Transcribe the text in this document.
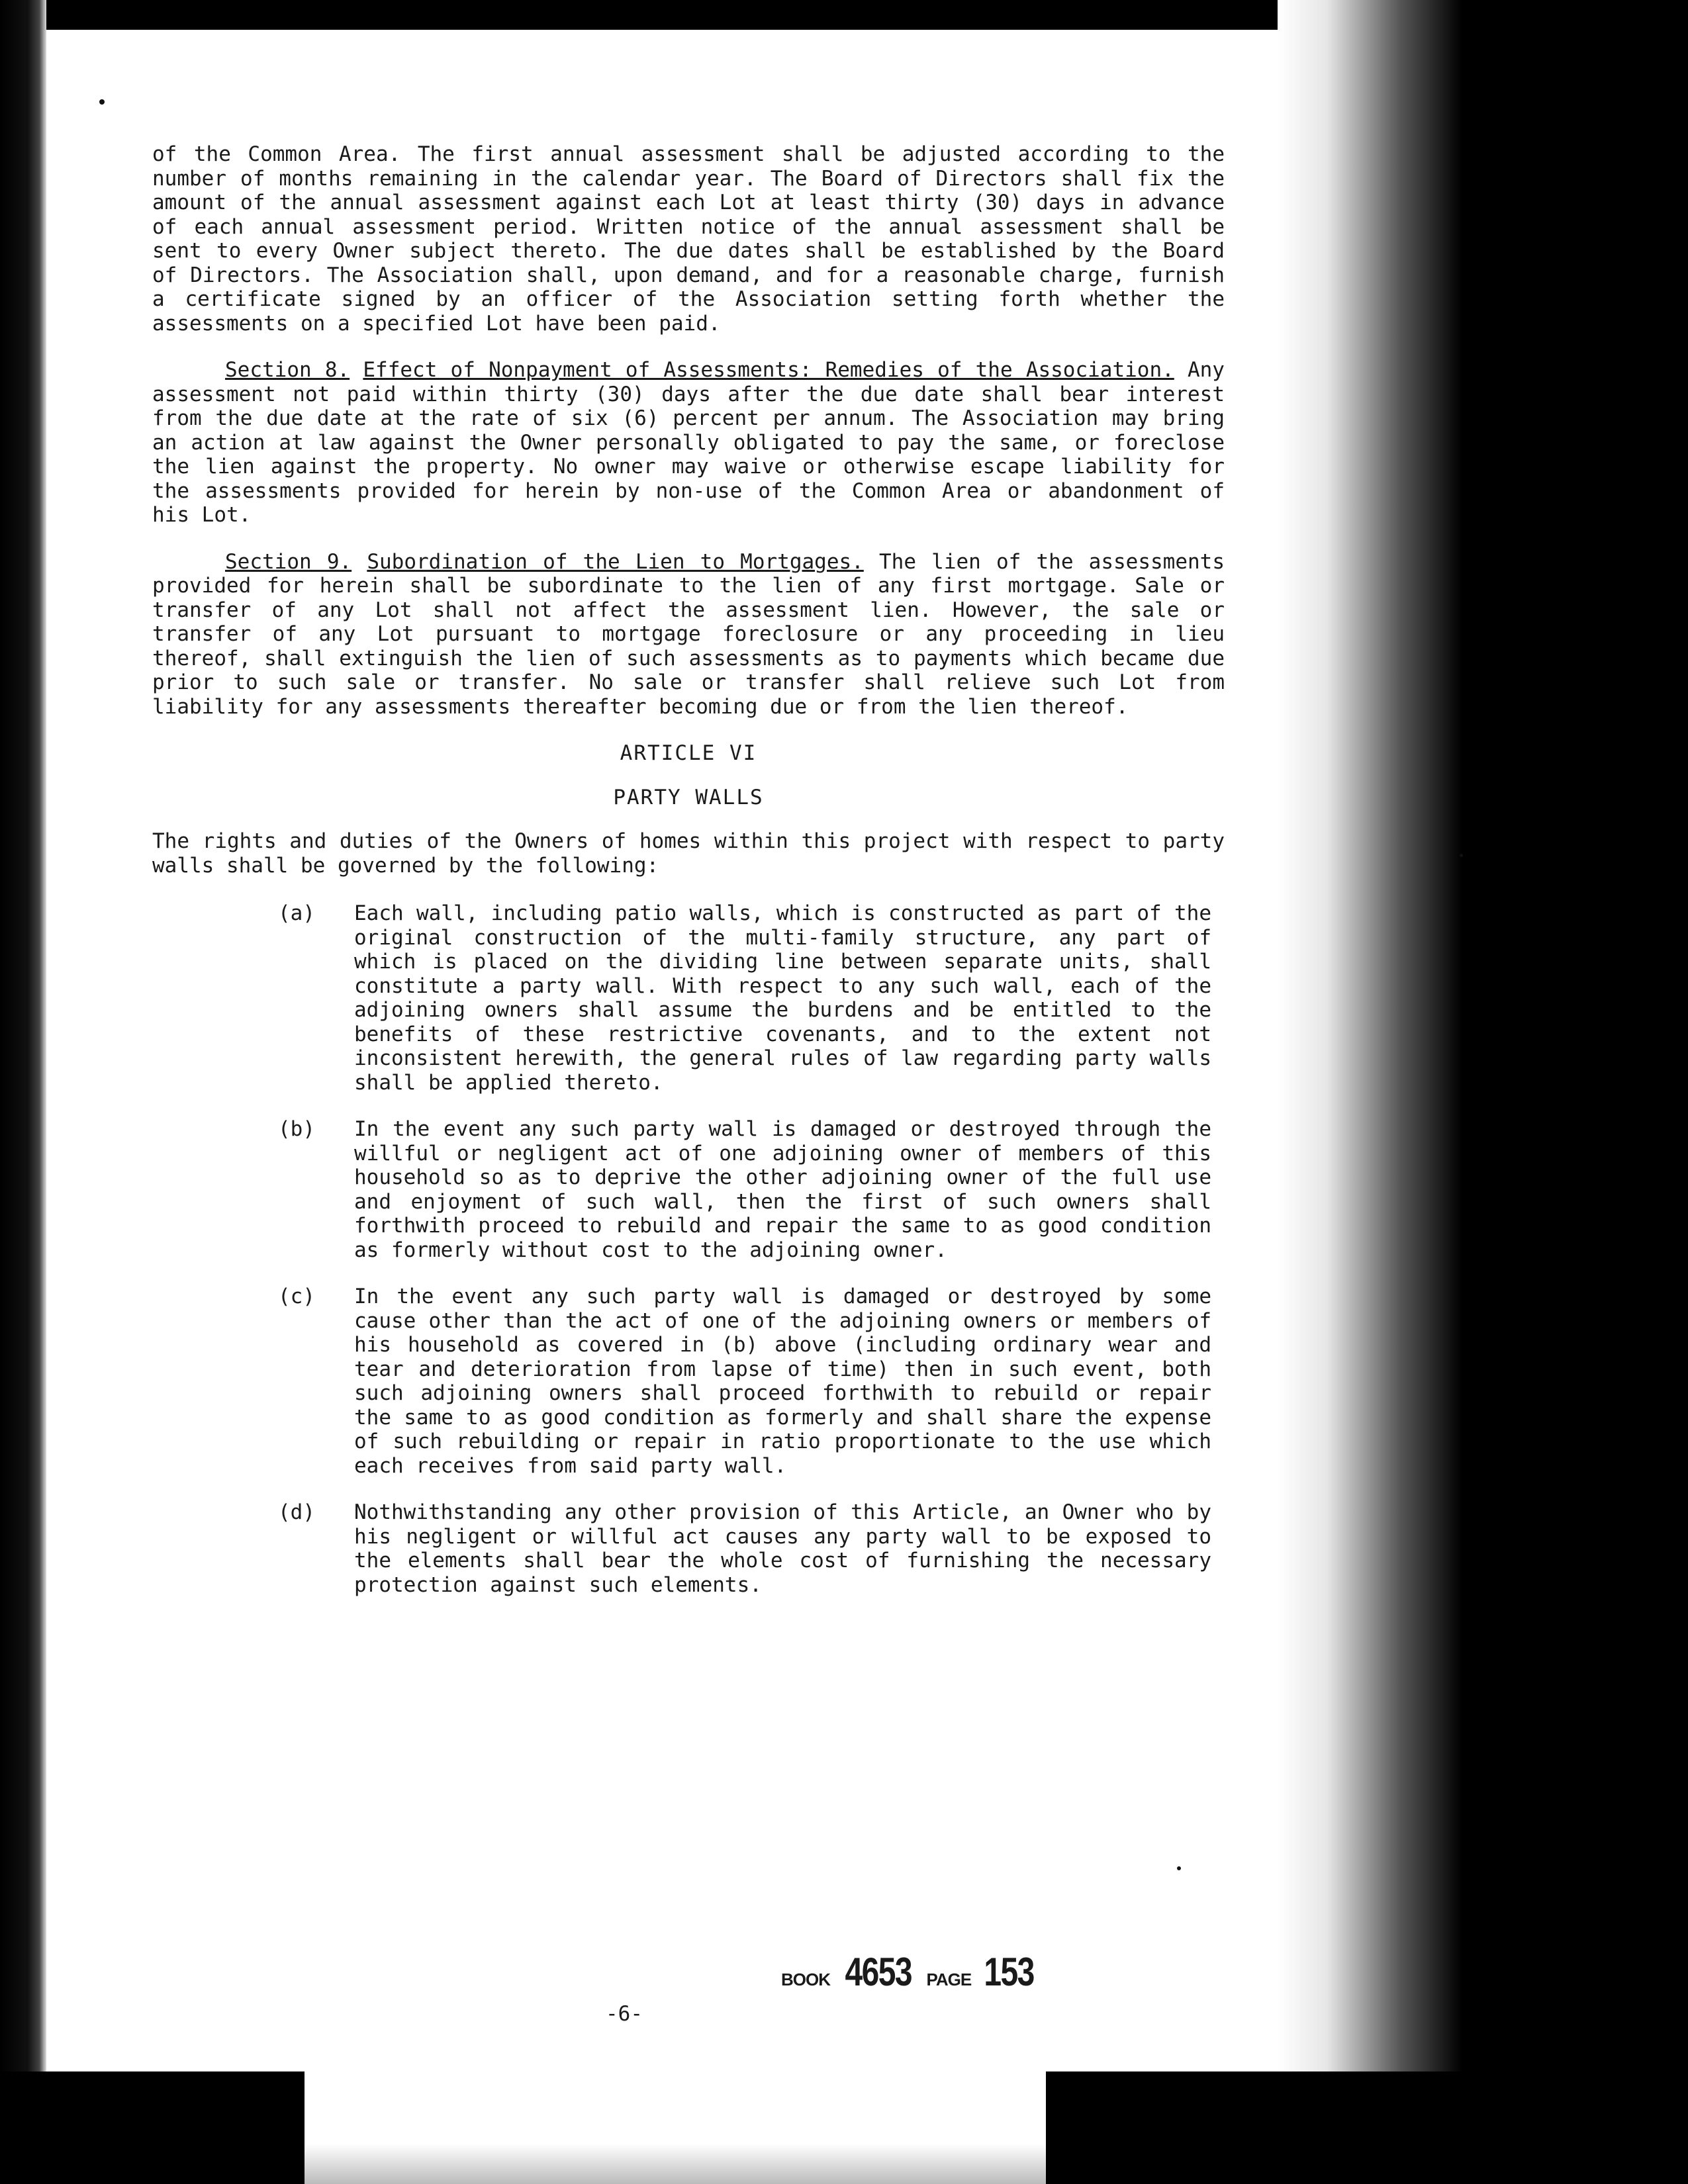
of the Common Area. The first annual assessment shall be adjusted according to the number of months remaining in the calendar year. The Board of Directors shall fix the amount of the annual assessment against each Lot at least thirty (30) days in advance of each annual assessment period. Written notice of the annual assessment shall be sent to every Owner subject thereto. The due dates shall be established by the Board of Directors. The Association shall, upon demand, and for a reasonable charge, furnish a certificate signed by an officer of the Association setting forth whether the assessments on a specified Lot have been paid.

Section 8. Effect of Nonpayment of Assessments: Remedies of the Association. Any assessment not paid within thirty (30) days after the due date shall bear interest from the due date at the rate of six (6) percent per annum. The Association may bring an action at law against the Owner personally obligated to pay the same, or foreclose the lien against the property. No owner may waive or otherwise escape liability for the assessments provided for herein by non-use of the Common Area or abandonment of his Lot.

Section 9. Subordination of the Lien to Mortgages. The lien of the assessments provided for herein shall be subordinate to the lien of any first mortgage. Sale or transfer of any Lot shall not affect the assessment lien. However, the sale or transfer of any Lot pursuant to mortgage foreclosure or any proceeding in lieu thereof, shall extinguish the lien of such assessments as to payments which became due prior to such sale or transfer. No sale or transfer shall relieve such Lot from liability for any assessments thereafter becoming due or from the lien thereof.

ARTICLE VI
PARTY WALLS

The rights and duties of the Owners of homes within this project with respect to party walls shall be governed by the following:

(a)	Each wall, including patio walls, which is constructed as part of the original construction of the multi-family structure, any part of which is placed on the dividing line between separate units, shall constitute a party wall. With respect to any such wall, each of the adjoining owners shall assume the burdens and be entitled to the benefits of these restrictive covenants, and to the extent not inconsistent herewith, the general rules of law regarding party walls shall be applied thereto.
(b)	In the event any such party wall is damaged or destroyed through the willful or negligent act of one adjoining owner of members of this household so as to deprive the other adjoining owner of the full use and enjoyment of such wall, then the first of such owners shall forthwith proceed to rebuild and repair the same to as good condition as formerly without cost to the adjoining owner.
(c)	In the event any such party wall is damaged or destroyed by some cause other than the act of one of the adjoining owners or members of his household as covered in (b) above (including ordinary wear and tear and deterioration from lapse of time) then in such event, both such adjoining owners shall proceed forthwith to rebuild or repair the same to as good condition as formerly and shall share the expense of such rebuilding or repair in ratio proportionate to the use which each receives from said party wall.
(d)	Nothwithstanding any other provision of this Article, an Owner who by his negligent or willful act causes any party wall to be exposed to the elements shall bear the whole cost of furnishing the necessary protection against such elements.
BOOK 4653 PAGE 153
-6-
